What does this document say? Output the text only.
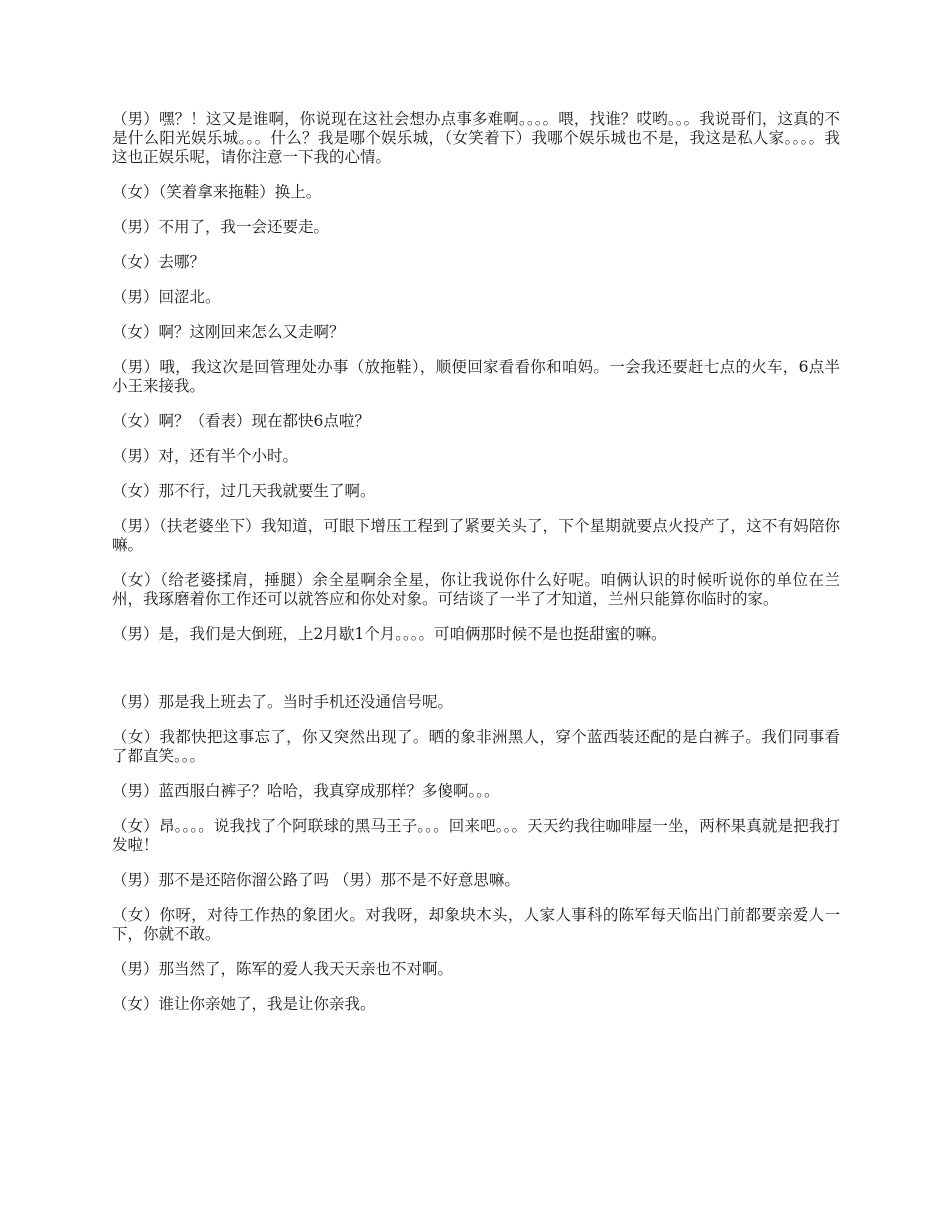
（男）嘿？！这又是谁啊，你说现在这社会想办点事多难啊。。。。喂，找谁？哎哟。。。我说哥们，这真的不是什么阳光娱乐城。。。什么？我是哪个娱乐城，（女笑着下）我哪个娱乐城也不是，我这是私人家。。。。我这也正娱乐呢，请你注意一下我的心情。

（女）（笑着拿来拖鞋）换上。

（男）不用了，我一会还要走。

（女）去哪？

（男）回涩北。

（女）啊？这刚回来怎么又走啊？

（男）哦，我这次是回管理处办事（放拖鞋），顺便回家看看你和咱妈。一会我还要赶七点的火车，6点半小王来接我。

（女）啊？（看表）现在都快6点啦？

（男）对，还有半个小时。

（女）那不行，过几天我就要生了啊。

（男）（扶老婆坐下）我知道，可眼下增压工程到了紧要关头了，下个星期就要点火投产了，这不有妈陪你嘛。

（女）（给老婆揉肩，捶腿）余全星啊余全星，你让我说你什么好呢。咱俩认识的时候听说你的单位在兰州，我琢磨着你工作还可以就答应和你处对象。可结谈了一半了才知道，兰州只能算你临时的家。

（男）是，我们是大倒班，上2月歇1个月。。。。可咱俩那时候不是也挺甜蜜的嘛。

（男）那是我上班去了。当时手机还没通信号呢。

（女）我都快把这事忘了，你又突然出现了。晒的象非洲黑人，穿个蓝西装还配的是白裤子。我们同事看了都直笑。。。

（男）蓝西服白裤子？哈哈，我真穿成那样？多傻啊。。。

（女）昂。。。。说我找了个阿联球的黑马王子。。。回来吧。。。天天约我往咖啡屋一坐，两杯果真就是把我打发啦！

（男）那不是还陪你溜公路了吗 （男）那不是不好意思嘛。

（女）你呀，对待工作热的象团火。对我呀，却象块木头，人家人事科的陈军每天临出门前都要亲爱人一下，你就不敢。

（男）那当然了，陈军的爱人我天天亲也不对啊。

（女）谁让你亲她了，我是让你亲我。
